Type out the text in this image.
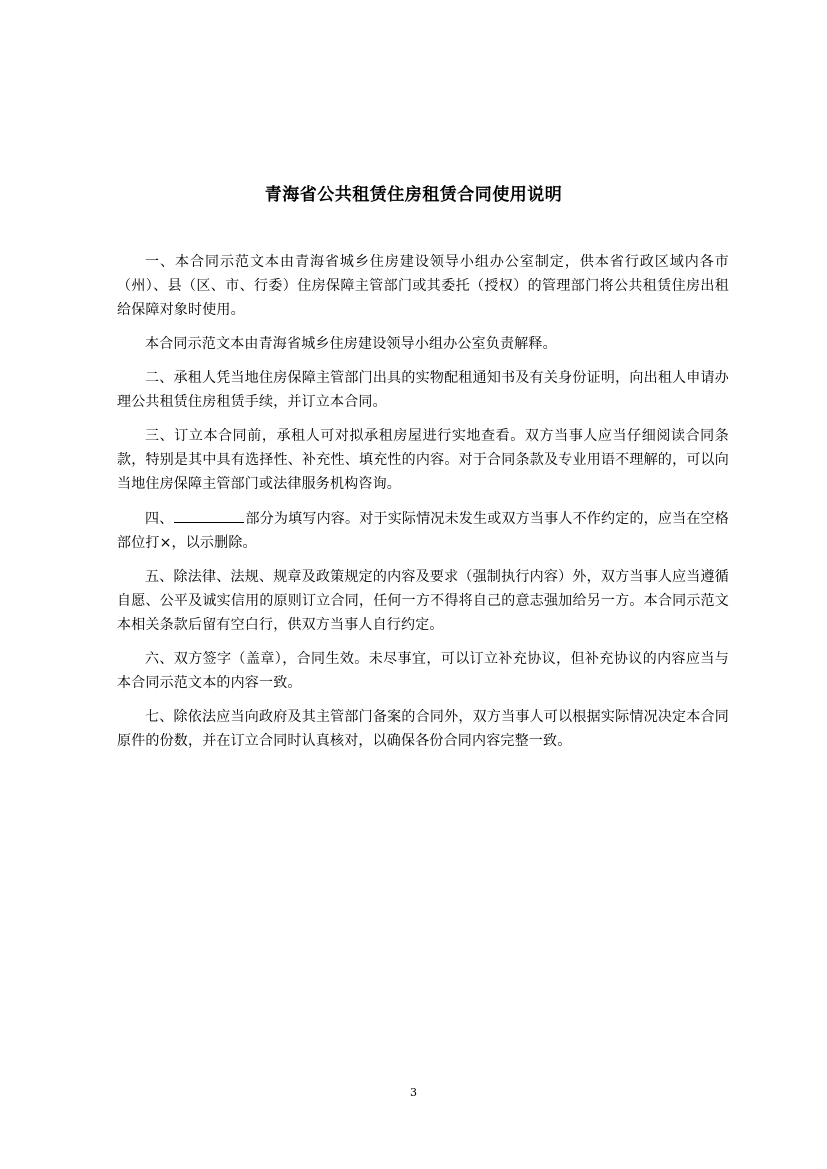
青海省公共租赁住房租赁合同使用说明

一、本合同示范文本由青海省城乡住房建设领导小组办公室制定，供本省行政区域内各市（州）、县（区、市、行委）住房保障主管部门或其委托（授权）的管理部门将公共租赁住房出租给保障对象时使用。

本合同示范文本由青海省城乡住房建设领导小组办公室负责解释。

二、承租人凭当地住房保障主管部门出具的实物配租通知书及有关身份证明，向出租人申请办理公共租赁住房租赁手续，并订立本合同。

三、订立本合同前，承租人可对拟承租房屋进行实地查看。双方当事人应当仔细阅读合同条款，特别是其中具有选择性、补充性、填充性的内容。对于合同条款及专业用语不理解的，可以向当地住房保障主管部门或法律服务机构咨询。

四、	部分为填写内容。对于实际情况未发生或双方当事人不作约定的，应当在空格部位打×，以示删除。

五、除法律、法规、规章及政策规定的内容及要求（强制执行内容）外，双方当事人应当遵循自愿、公平及诚实信用的原则订立合同，任何一方不得将自己的意志强加给另一方。本合同示范文本相关条款后留有空白行，供双方当事人自行约定。

六、双方签字（盖章），合同生效。未尽事宜，可以订立补充协议，但补充协议的内容应当与本合同示范文本的内容一致。

七、除依法应当向政府及其主管部门备案的合同外，双方当事人可以根据实际情况决定本合同原件的份数，并在订立合同时认真核对，以确保各份合同内容完整一致。

3
